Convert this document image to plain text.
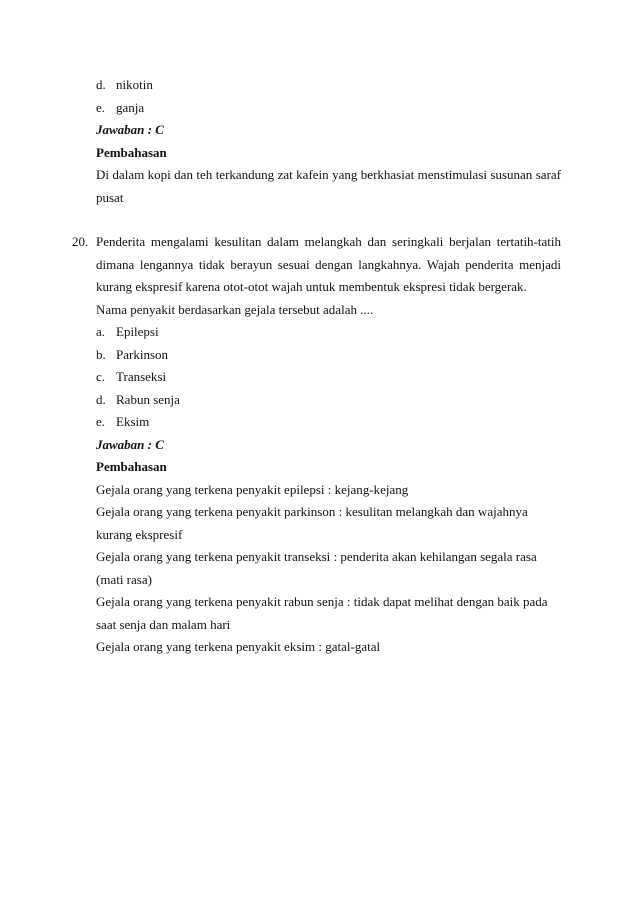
d. nikotin
e. ganja
Jawaban : C
Pembahasan
Di dalam kopi dan teh terkandung zat kafein yang berkhasiat menstimulasi susunan saraf
pusat
20. Penderita mengalami kesulitan dalam melangkah dan seringkali berjalan tertatih-tatih
dimana lengannya tidak berayun sesuai dengan langkahnya. Wajah penderita menjadi
kurang ekspresif karena otot-otot wajah untuk membentuk ekspresi tidak bergerak.
Nama penyakit berdasarkan gejala tersebut adalah ....
a. Epilepsi
b. Parkinson
c. Transeksi
d. Rabun senja
e. Eksim
Jawaban : C
Pembahasan
Gejala orang yang terkena penyakit epilepsi : kejang-kejang
Gejala orang yang terkena penyakit parkinson : kesulitan melangkah dan wajahnya
kurang ekspresif
Gejala orang yang terkena penyakit transeksi : penderita akan kehilangan segala rasa
(mati rasa)
Gejala orang yang terkena penyakit rabun senja : tidak dapat melihat dengan baik pada
saat senja dan malam hari
Gejala orang yang terkena penyakit eksim : gatal-gatal
